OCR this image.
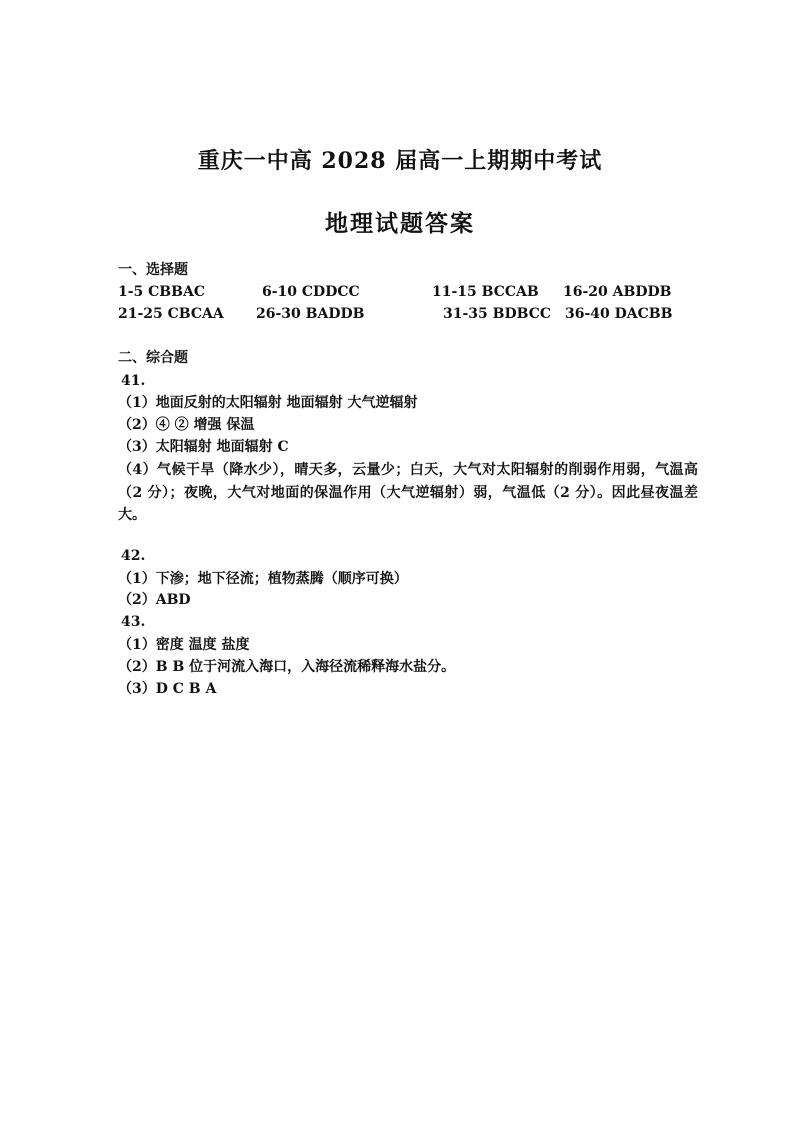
重庆一中高 2028 届高一上期期中考试
地理试题答案
一、选择题
1-5 CBBAC	6-10 CDDCC	11-15 BCCAB 16-20 ABDDB
21-25 CBCAA 26-30 BADDB	31-35 BDBCC 36-40 DACBB
二、综合题
41.
（1）地面反射的太阳辐射 地面辐射 大气逆辐射
（2）④ ② 增强 保温
（3）太阳辐射 地面辐射 C
（4）气候干旱（降水少），晴天多，云量少；白天，大气对太阳辐射的削弱作用弱，气温高（2 分）；夜晚，大气对地面的保温作用（大气逆辐射）弱，气温低（2 分）。因此昼夜温差大。
42.
（1）下渗；地下径流；植物蒸腾（顺序可换）
（2）ABD
43.
（1）密度 温度 盐度
（2）B B 位于河流入海口，入海径流稀释海水盐分。
（3）D C B A
